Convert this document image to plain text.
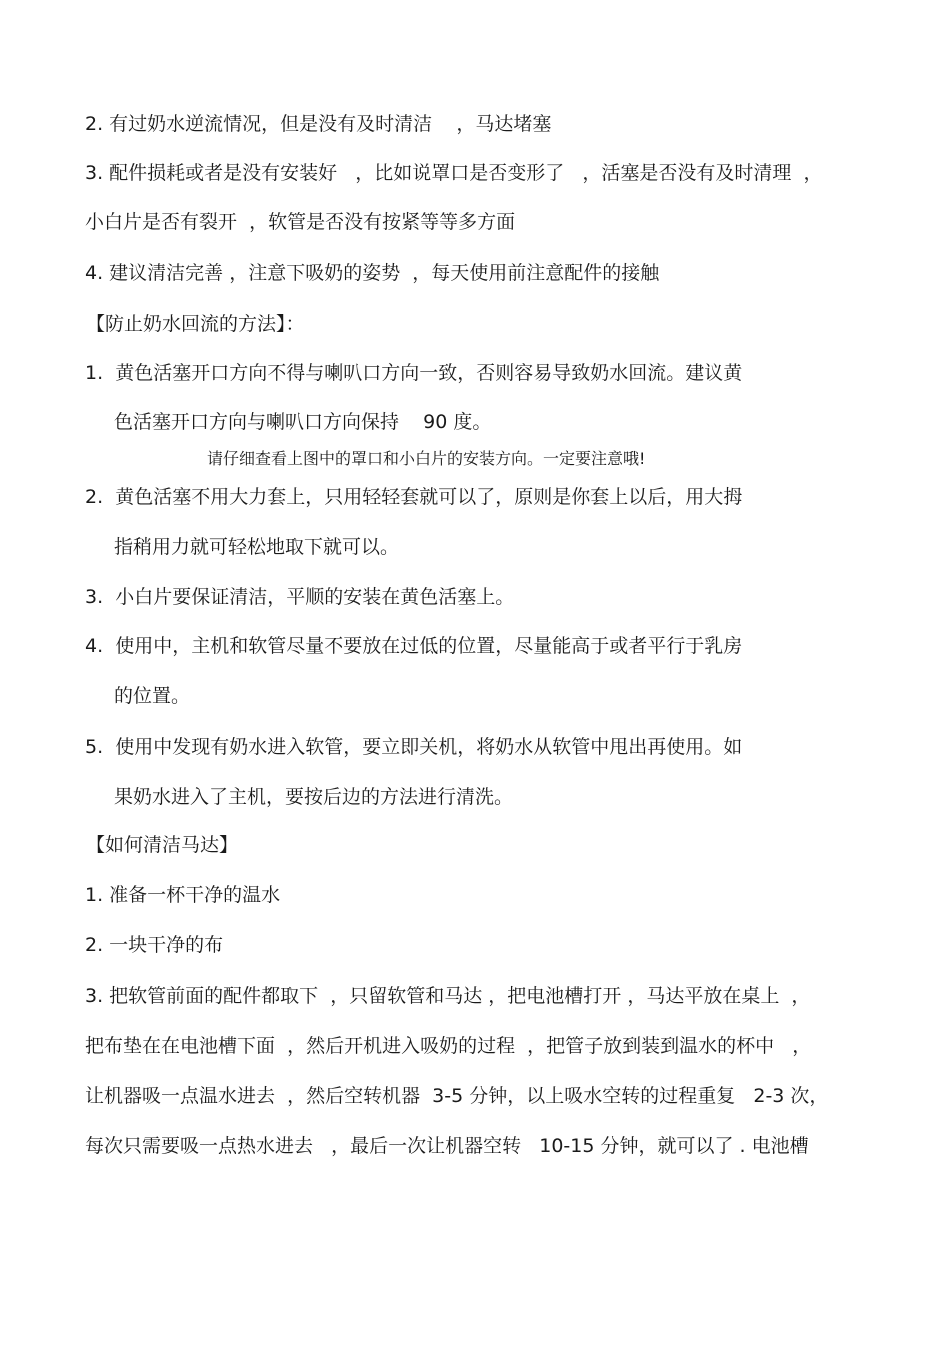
2. 有过奶水逆流情况，但是没有及时清洁    ，马达堵塞

3. 配件损耗或者是没有安装好   ，比如说罩口是否变形了   ，活塞是否没有及时清理  ，

小白片是否有裂开  ，软管是否没有按紧等等多方面

4. 建议清洁完善 ，注意下吸奶的姿势  ，每天使用前注意配件的接触

【防止奶水回流的方法】：

1.  黄色活塞开口方向不得与喇叭口方向一致，否则容易导致奶水回流。建议黄

色活塞开口方向与喇叭口方向保持    90 度。

请仔细查看上图中的罩口和小白片的安装方向。一定要注意哦!

2.  黄色活塞不用大力套上，只用轻轻套就可以了，原则是你套上以后，用大拇

指稍用力就可轻松地取下就可以。

3.  小白片要保证清洁，平顺的安装在黄色活塞上。

4.  使用中，主机和软管尽量不要放在过低的位置，尽量能高于或者平行于乳房

的位置。

5.  使用中发现有奶水进入软管，要立即关机，将奶水从软管中甩出再使用。如

果奶水进入了主机，要按后边的方法进行清洗。

【如何清洁马达】

1. 准备一杯干净的温水

2. 一块干净的布

3. 把软管前面的配件都取下  ，只留软管和马达 ，把电池槽打开 ，马达平放在桌上  ，

把布垫在在电池槽下面  ，然后开机进入吸奶的过程  ，把管子放到装到温水的杯中   ，

让机器吸一点温水进去  ，然后空转机器  3-5 分钟，以上吸水空转的过程重复   2-3 次，

每次只需要吸一点热水进去   ，最后一次让机器空转   10-15 分钟，就可以了 . 电池槽
